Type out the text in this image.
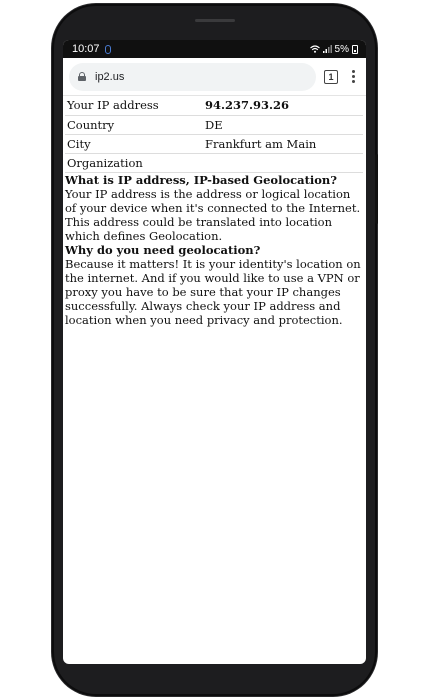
10:07	5%
ip2.us	1
Your IP address	94.237.93.26
Country	DE
City	Frankfurt am Main
Organization	
What is IP address, IP-based Geolocation?

Your IP address is the address or logical location of your device when it's connected to the Internet. This address could be translated into location which defines Geolocation.

Why do you need geolocation?

Because it matters! It is your identity's location on the internet. And if you would like to use a VPN or proxy you have to be sure that your IP changes successfully. Always check your IP address and location when you need privacy and protection.
